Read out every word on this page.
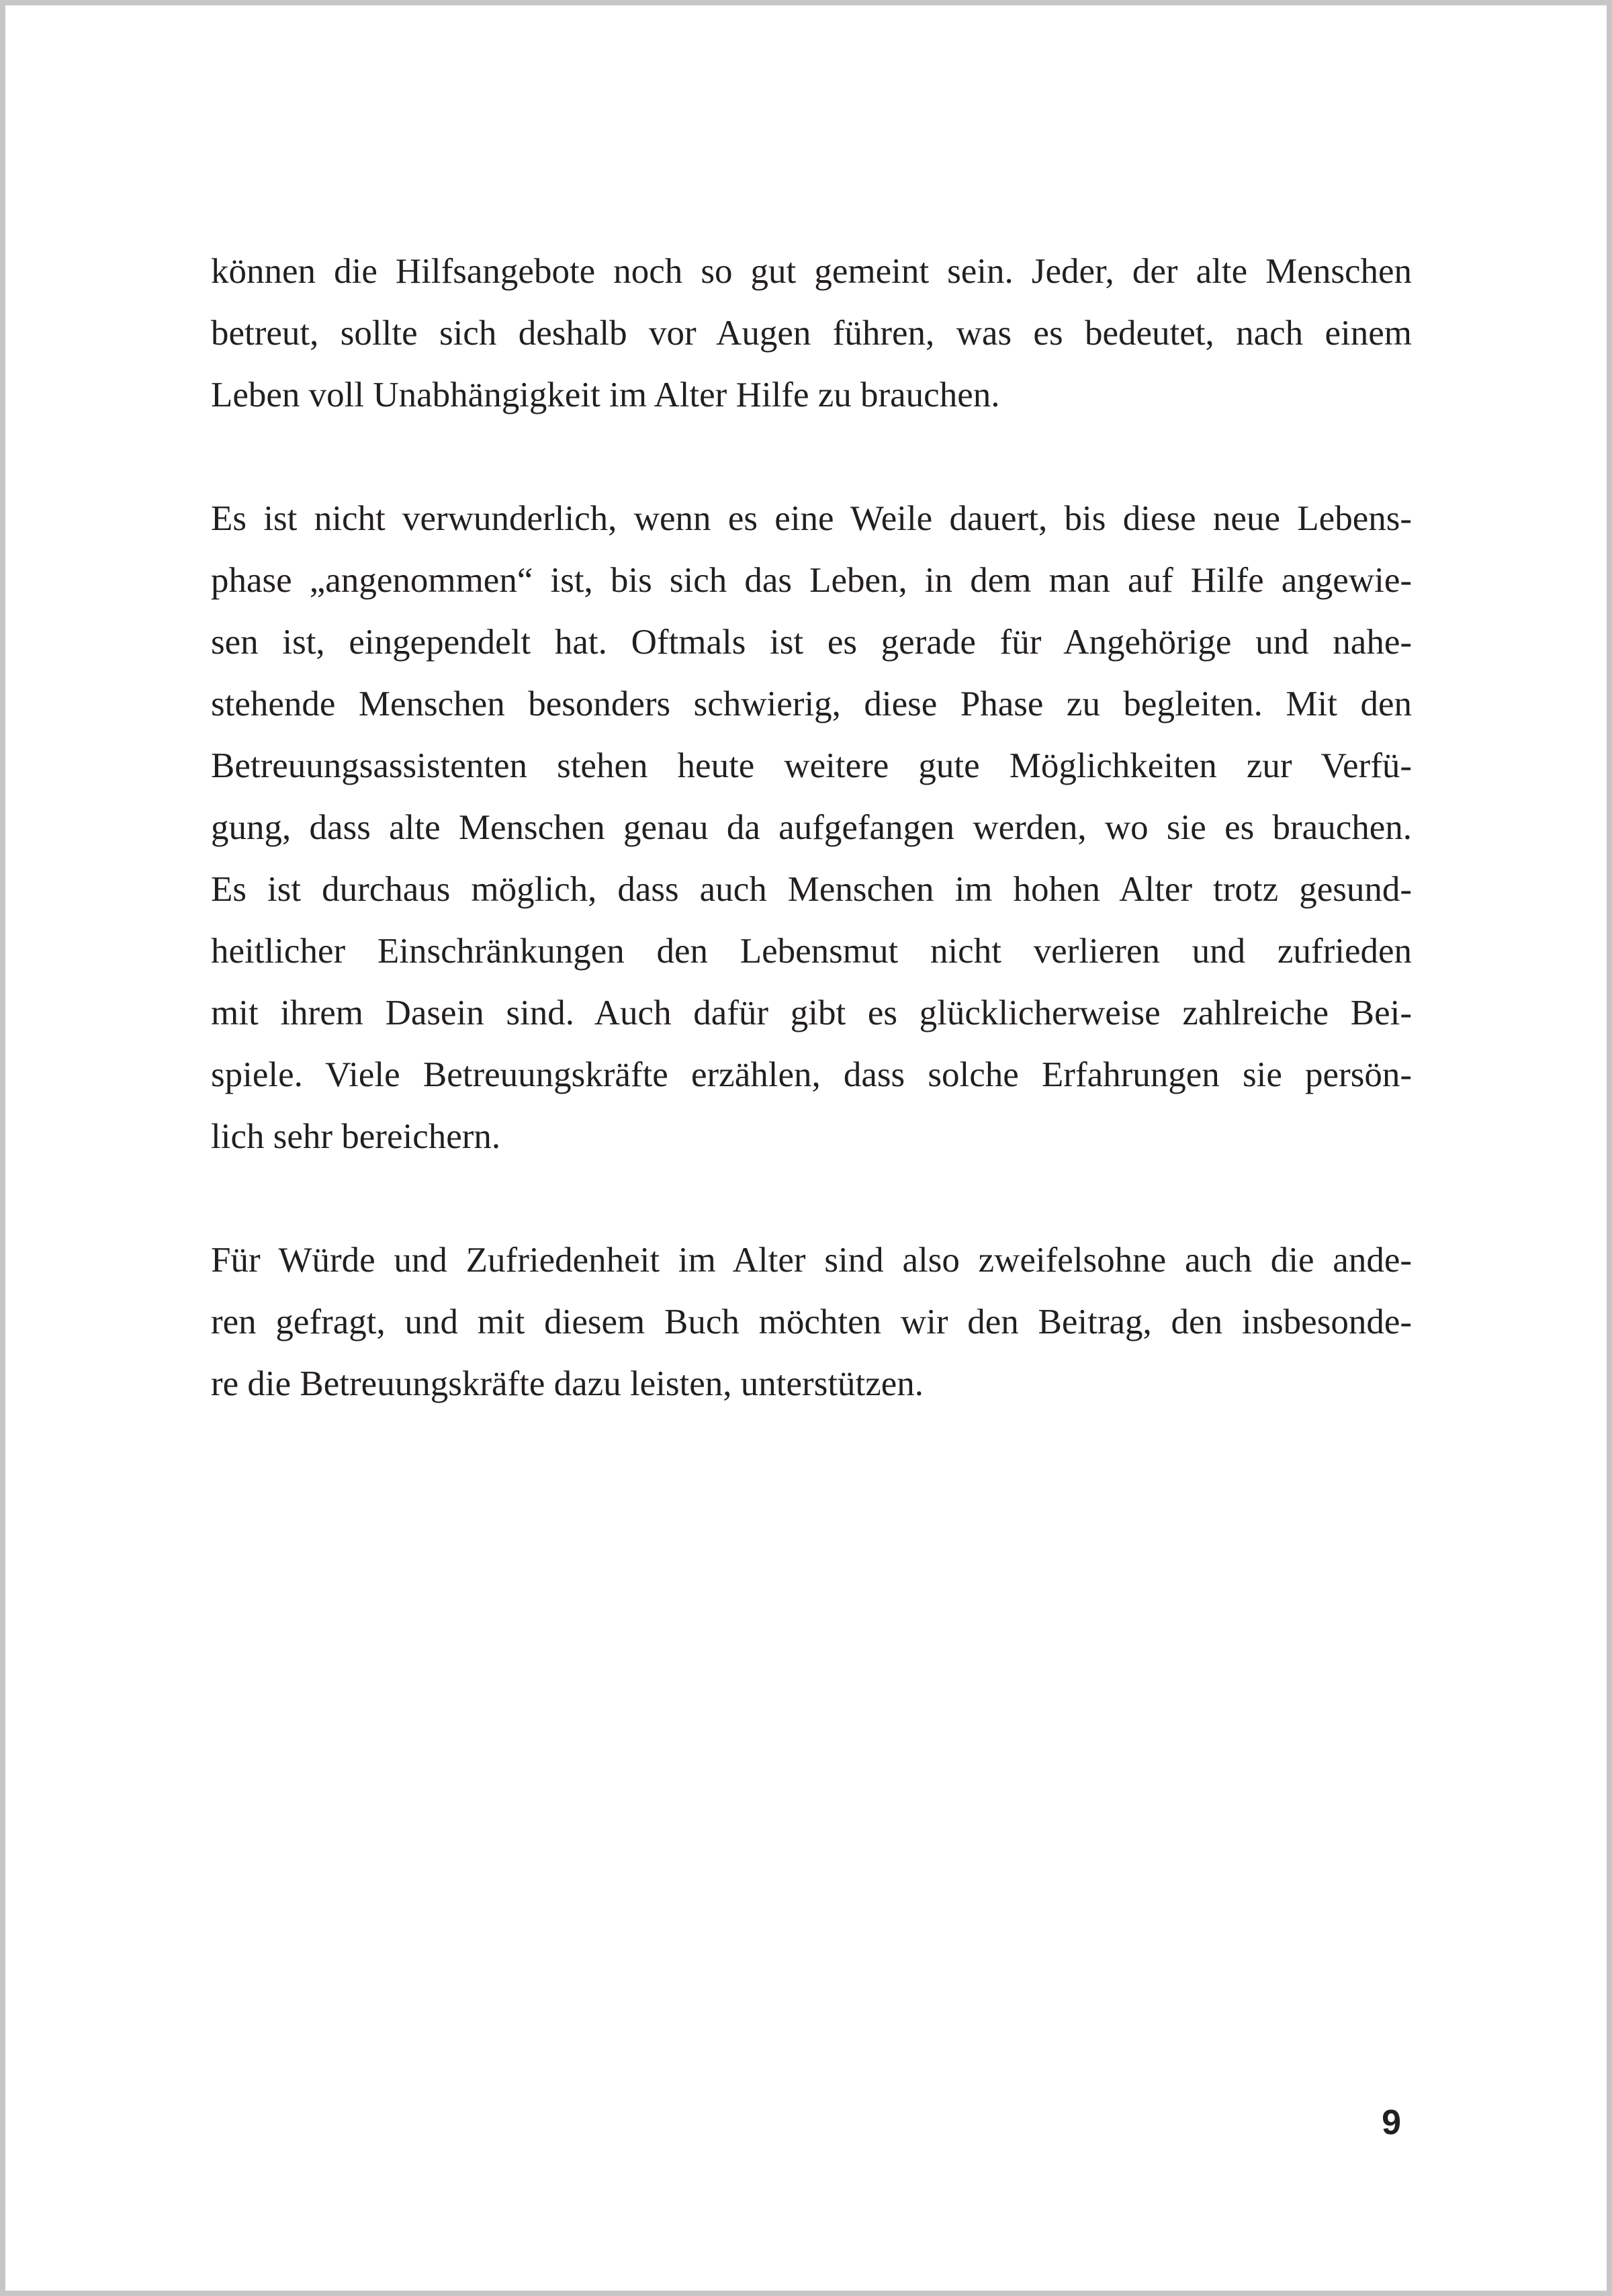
können die Hilfsangebote noch so gut gemeint sein. Jeder, der alte Menschen
betreut, sollte sich deshalb vor Augen führen, was es bedeutet, nach einem
Leben voll Unabhängigkeit im Alter Hilfe zu brauchen.

Es ist nicht verwunderlich, wenn es eine Weile dauert, bis diese neue Lebens-
phase „angenommen“ ist, bis sich das Leben, in dem man auf Hilfe angewie-
sen ist, eingependelt hat. Oftmals ist es gerade für Angehörige und nahe-
stehende Menschen besonders schwierig, diese Phase zu begleiten. Mit den
Betreuungsassistenten stehen heute weitere gute Möglichkeiten zur Verfü-
gung, dass alte Menschen genau da aufgefangen werden, wo sie es brauchen.
Es ist durchaus möglich, dass auch Menschen im hohen Alter trotz gesund-
heitlicher Einschränkungen den Lebensmut nicht verlieren und zufrieden
mit ihrem Dasein sind. Auch dafür gibt es glücklicherweise zahlreiche Bei-
spiele. Viele Betreuungskräfte erzählen, dass solche Erfahrungen sie persön-
lich sehr bereichern.

Für Würde und Zufriedenheit im Alter sind also zweifelsohne auch die ande-
ren gefragt, und mit diesem Buch möchten wir den Beitrag, den insbesonde-
re die Betreuungskräfte dazu leisten, unterstützen.

9
